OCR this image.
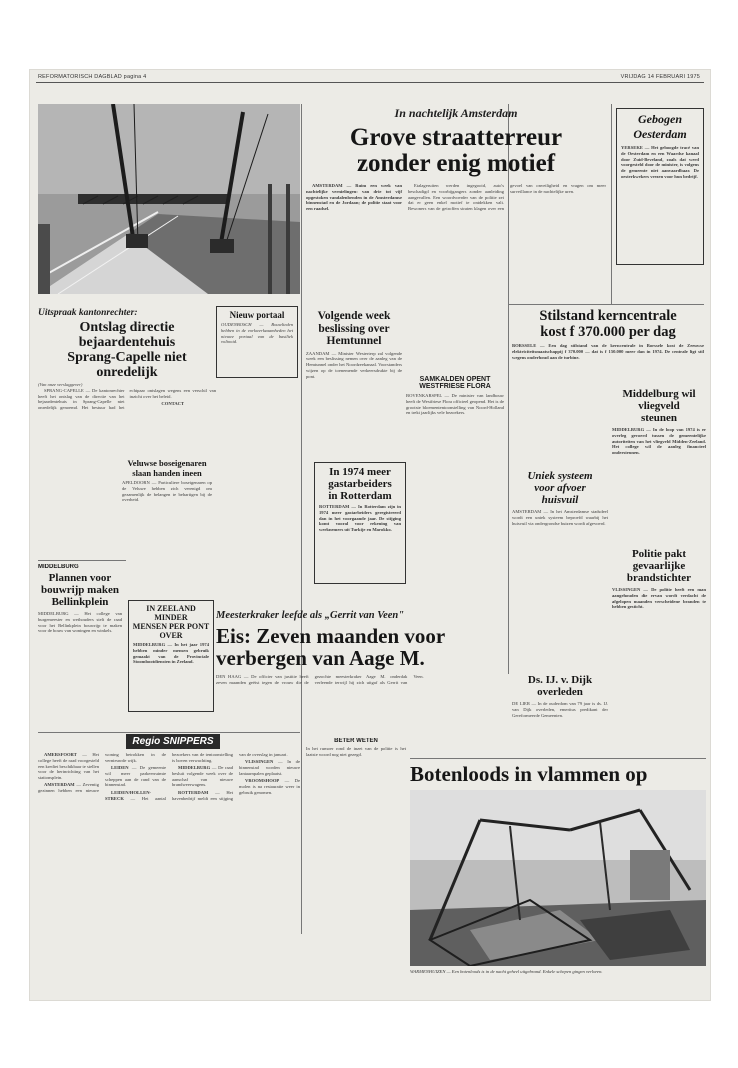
REFORMATORISCH DAGBLAD pagina 4	VRIJDAG 14 FEBRUARI 1975
In nachtelijk Amsterdam
Grove straatterreur
zonder enig motief

AMSTERDAM — Ruim een week van nachtelijke vernielingen: van drie tot vijf opgestoken vandalenbenden in de Amsterdamse binnenstad en de Jordaan; de politie staat voor een raadsel.

Etalageruiten werden ingegooid, auto's beschadigd en voorbijgangers zonder aanleiding aangevallen. Een woordvoerder van de politie zei dat er geen enkel motief te ontdekken valt. Bewoners van de getroffen straten klagen over een gevoel van onveiligheid en vragen om meer surveillance in de nachtelijke uren.

Gebogen
Oesterdam
YERSEKE — Het geboogde tracé van de Oesterdam en een Waardse kanaal door Zuid-Beveland, zoals dat werd voorgesteld door de minister, is volgens de gemeente niet aanvaardbaar. De oesterkwekers vrezen voor hun bedrijf.
Stilstand kerncentrale
kost f 370.000 per dag
BORSSELE — Een dag stilstand van de kerncentrale in Borssele kost de Zeeuwse elektriciteitsmaatschappij f 370.000 — dat is f 150.000 meer dan in 1974. De centrale ligt stil wegens onderhoud aan de turbine.
SAMKALDEN OPENT
WESTFRIESE FLORA
BOVENKARSPEL — De minister van landbouw heeft de Westfriese Flora officieel geopend. Het is de grootste bloemententoonstelling van Noord-Holland en trekt jaarlijks vele bezoekers.
Middelburg wil
vliegveld
steunen
MIDDELBURG — In de loop van 1974 is er overleg gevoerd tussen de gemeentelijke autoriteiten van het vliegveld Midden-Zeeland. Het college wil de aanleg financieel ondersteunen.
Politie pakt
gevaarlijke
brandstichter
VLISSINGEN — De politie heeft een man aangehouden die ervan wordt verdacht de afgelopen maanden verscheidene branden te hebben gesticht.
Uniek systeem
voor afvoer
huisvuil
AMSTERDAM — In het Amsterdamse stadsdeel wordt een uniek systeem beproefd waarbij het huisvuil via ondergrondse buizen wordt afgevoerd.
Ds. IJ. v. Dijk
overleden
DE LIER — In de ouderdom van 79 jaar is ds. IJ. van Dijk overleden, emeritus predikant der Gereformeerde Gemeenten.
Nieuw portaal
OUDENBOSCH — Bouwlieden hebben in de vorkwerkzaamheden het nieuwe portaal van de basiliek voltooid.
Volgende week
beslissing over
Hemtunnel
ZAANDAM — Minister Westerterp zal volgende week een beslissing nemen over de aanleg van de Hemtunnel onder het Noordzeekanaal. Voorstanders wijzen op de toenemende verkeersdrukte bij de pont.
In 1974 meer
gastarbeiders
in Rotterdam
ROTTERDAM — In Rotterdam zijn in 1974 meer gastarbeiders geregistreerd dan in het voorgaande jaar. De stijging komt vooral voor rekening van werknemers uit Turkije en Marokko.
Uitspraak kantonrechter:
Ontslag directie bejaardentehuis
Sprang-Capelle niet onredelijk
(Van onze verslaggever)

SPRANG-CAPELLE — De kantonrechter heeft het ontslag van de directie van het bejaardentehuis in Sprang-Capelle niet onredelijk genoemd. Het bestuur had het echtpaar ontslagen wegens een verschil van inzicht over het beleid.

CONTACT

Veluwse boseigenaren
slaan handen ineen
APELDOORN — Particuliere boseigenaren op de Veluwe hebben zich verenigd om gezamenlijk de belangen te behartigen bij de overheid.
MIDDELBURG
Plannen voor
bouwrijp maken
Bellinkplein
MIDDELBURG — Het college van burgemeester en wethouders stelt de raad voor het Bellinkplein bouwrijp te maken voor de bouw van woningen en winkels.
IN ZEELAND MINDER
MENSEN PER PONT
OVER
MIDDELBURG — In het jaar 1974 hebben minder mensen gebruik gemaakt van de Provinciale Stoombootdiensten in Zeeland.
Meesterkraker leefde als „Gerrit van Veen"
Eis: Zeven maanden voor
verbergen van Aage M.
DEN HAAG — De officier van justitie heeft zeven maanden geëist tegen de vrouw die de gezochte meesterkraker Aage M. onderdak verleende terwijl hij zich uitgaf als Gerrit van Veen.
Regio SNIPPERS

AMERSFOORT — Het college heeft de raad voorgesteld een krediet beschikbaar te stellen voor de herinrichting van het stationsplein.

AMSTERDAM — Zeventig gezinnen hebben een nieuwe woning betrokken in de vernieuwde wijk.

LEIDEN — De gemeente wil meer parkeerruimte scheppen aan de rand van de binnenstad.

LEIDEN/HOLLEN-STRECK — Het aantal bezoekers van de tentoonstelling is boven verwachting.

MIDDELBURG — De raad besluit volgende week over de aanschaf van nieuwe brandweerwagens.

ROTTERDAM — Het havenbedrijf meldt een stijging van de overslag in januari.

VLISSINGEN — In de binnenstad worden nieuwe lantaarnpalen geplaatst.

VROOMSHOOP — De molen is na restauratie weer in gebruik genomen.

BETER WETEN
In het rumoer rond de inzet van de politie is het laatste woord nog niet gezegd.
Botenloods in vlammen op
WARMENHUIZEN — Een botenloods is in de nacht geheel uitgebrand. Enkele schepen gingen verloren.
